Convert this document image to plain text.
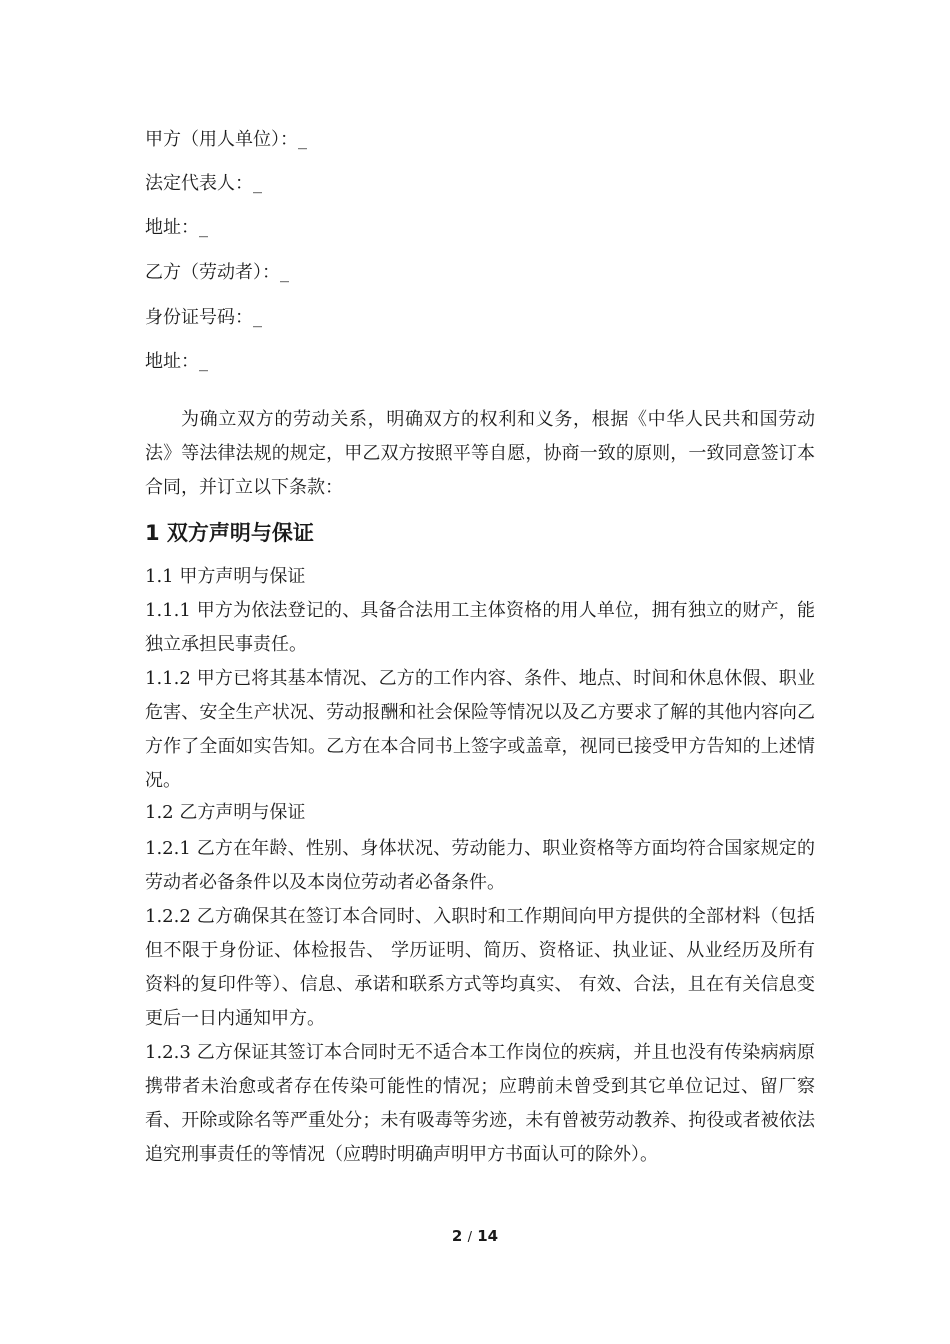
甲方（用人单位）：_
法定代表人：_
地址：_
乙方（劳动者）：_
身份证号码：_
地址：_
为确立双方的劳动关系，明确双方的权利和义务，根据《中华人民共和国劳动法》等法律法规的规定，甲乙双方按照平等自愿，协商一致的原则，一致同意签订本合同，并订立以下条款：
1 双方声明与保证
1.1 甲方声明与保证
1.1.1 甲方为依法登记的、具备合法用工主体资格的用人单位，拥有独立的财产，能独立承担民事责任。
1.1.2 甲方已将其基本情况、乙方的工作内容、条件、地点、时间和休息休假、职业危害、安全生产状况、劳动报酬和社会保险等情况以及乙方要求了解的其他内容向乙方作了全面如实告知。乙方在本合同书上签字或盖章，视同已接受甲方告知的上述情况。
1.2 乙方声明与保证
1.2.1 乙方在年龄、性别、身体状况、劳动能力、职业资格等方面均符合国家规定的劳动者必备条件以及本岗位劳动者必备条件。
1.2.2 乙方确保其在签订本合同时、入职时和工作期间向甲方提供的全部材料（包括但不限于身份证、体检报告、 学历证明、简历、资格证、执业证、从业经历及所有资料的复印件等）、信息、承诺和联系方式等均真实、 有效、合法，且在有关信息变更后一日内通知甲方。
1.2.3 乙方保证其签订本合同时无不适合本工作岗位的疾病，并且也没有传染病病原携带者未治愈或者存在传染可能性的情况；应聘前未曾受到其它单位记过、留厂察看、开除或除名等严重处分；未有吸毒等劣迹，未有曾被劳动教养、拘役或者被依法追究刑事责任的等情况（应聘时明确声明甲方书面认可的除外）。
2 / 14
